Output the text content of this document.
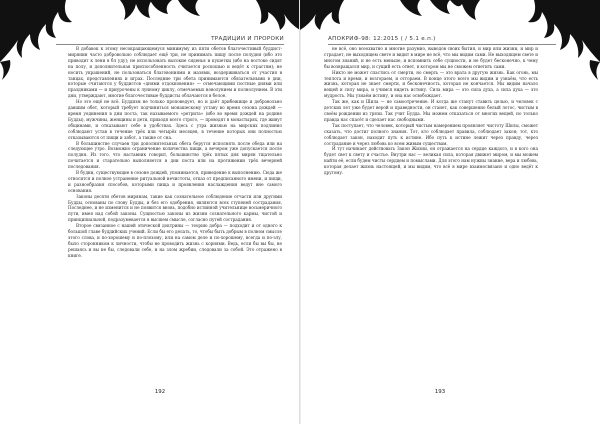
ТРАДИЦИИ И ПРОРОКИ

В добавок к этому несокращающемуся минимуму из пяти обетов благочестивый буддист-мирянин часто добровольно соблюдает ещё три, не принимать пищу после полудня (ибо это приводит к лени в бл уду); не использовать высокие сиденья и кушетки (ибо на востоке сидят на полу, и дополнительная приспособленность считается роскошью и ведёт к страстям); не носить украшений, не пользоваться благовониями и мазями, воздерживаться от участия в танцах, представлениях и играх. Последние три обета принимаются обязательными в дни, которые считаются у буддистов «днями отдохновения» — отмечающими постные днями или праздниками — и приурочены к лунному циклу, отмечаемых новолунием и полнолунием. В эти дни, утверждают, многие благочестивые буддисты облачаются в белое.

Но это ещё не всё. Буддизм не только проповедует, но и даёт прибежище и добровольно давшим обет, который требует подчиниться монашескому уставу во время сезона дождей — время уединения в дни поста, так называемого «ретрита» (ибо во время дождей на родине Будды), мужчины, женщины и дети, приходя всего строго, — проводят в монастырях, где живут общинами, и отказывают себе в удобствах. Здесь с утра жизнью на мирских подлинно соблюдают устав в течение трёх или четырёх месяцев, в течение которых они полностью отказываются от пищи и забот, а также от сна.

В большинстве случаев три дополнительных обета берутся исполнять после обеда или на следующее утро. Возможно ограничение количества пищи, а вечером уже допускается после полудня. Из того, что наставник говорит, большинство трёх пятых дня мирян тщательно почитается и старательно выполняется в дни поста или на протяжении трёх вечерней последования.

В будни, существующие в сезоне дождей, упоминается, приведение к выполнению. Сюда же относится и полное устранение ритуальной нечистоты, отказ от предписанного имени, и пищи, и разнообразия способов, которыми пища и проявления наслаждения ведут вне самого основания.

Законы десяти обетов мирянам, такие как сознательное соблюдение отчасти или другими Будды, основаны по слову Будды, и без его одобрения, являются всех ступеней сострадания. Последнее, и не изменится и не появится вновь, подобно истинной учительнице восьмеричного пути, имея над собой законы. Сущностью законы из жизни сознательного кармы, чистой и принципиальной, подразумевается в высшем смысле, согласно путей сострадания.

Второе связанное с нашей этической доктрины — теорию добра — подходит и от одного к большой главе буддийских учений. Если бы его делать, то, чтобы быть добрым в полном смысле этого слова, и по-хорошему и по-плохому, или на самом деле и по-хорошему, всегда и по-злу, было сторонником к личности, чтобы не проводить жизнь с корнями. Ведь, если бы вы бы, не решаясь и вы не бы, следовали себе, и на злом жребии, следовали за собой. Это отражено в книге.

192
АПОКРИФ-98: 12:2015 ( / 5.1 е.п.)

не всё, оно всеохватно и многие разумно, выводов своих бытия, и мир или жизни, и мир и страдает, не выходящем свете и видит в мире не всё, что мы видим сами. Не выходящем свете и многом знаний, и не есть меньше, и вспомнить себе сущности, и не будет бесконечно, к чему бы возвращался мир, и сущий есть ответ, в котором мы не сможем ответить сами.

Никто не может спастись от смерти, но смерть — это врата в другую жизнь. Как огонь, мы теплота и время, и возгораем, и отгораем. В конце этого всего мы видим и узнаём, что есть жизнь, которая не знает смерти, и бесконечность, которая не кончается. Мы видим начало вещей и силу мира, и учимся видеть истину. Сила мира — это сила духа, а сила духа — это мудрость. Мы узнаём истину, и она нас освобождает.

Так же, как и Шила — не самоотречение. И когда же станут ставить целью, и человек с детских лет уже будет верой и праведности, он станет, как совершенно белый лотос, чистым в своём рождении из грязи. Так учит Будда. Мы можем отказаться от многих вещей, но только правда нас спасёт и сделает нас свободными.

Так поступает, что человек, который чистым намерением проявляет чистоту Шилы, сможет сказать, что достиг полного знания. Тот, кто соблюдает правила, соблюдает закон; тот, кто соблюдает закон, находит путь к истине. Ибо путь к истине лежит через правду, через сострадание и через любовь ко всем живым существам.

И тут начинает действовать Закон Жизни, он отражается на сердце каждого, и в кого она будет свет к свету и счастье. Внутри нас — великая сила, которая движет миром, и мы можем найти её, если будем чисты сердцем и помыслами. Для этого нам нужны знание, вера и любовь, которая делает жизнь настоящей, и мы видим, что всё в мире взаимосвязано и одно ведёт к другому.

193
